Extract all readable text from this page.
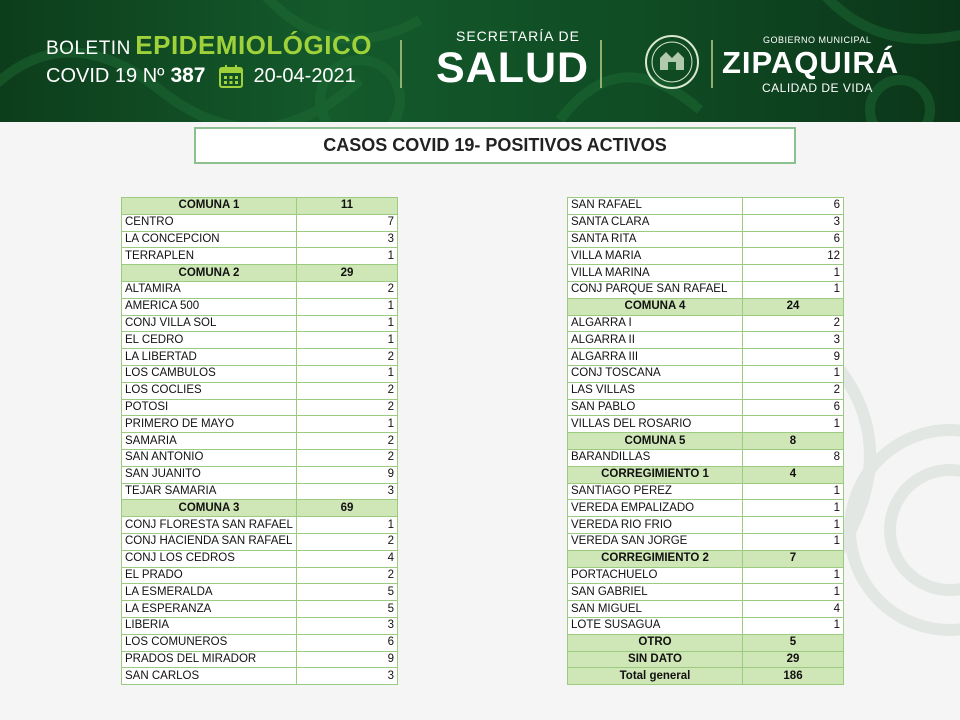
BOLETIN EPIDEMIOLÓGICO
COVID 19 Nº 387 20-04-2021
SECRETARÍA DE
SALUD
GOBIERNO MUNICIPAL
ZIPAQUIRÁ
CALIDAD DE VIDA
CASOS COVID 19- POSITIVOS ACTIVOS
COMUNA 1	11
CENTRO	7
LA CONCEPCION	3
TERRAPLEN	1
COMUNA 2	29
ALTAMIRA	2
AMERICA 500	1
CONJ VILLA SOL	1
EL CEDRO	1
LA LIBERTAD	2
LOS CAMBULOS	1
LOS COCLIES	2
POTOSI	2
PRIMERO DE MAYO	1
SAMARIA	2
SAN ANTONIO	2
SAN JUANITO	9
TEJAR SAMARIA	3
COMUNA 3	69
CONJ FLORESTA SAN RAFAEL	1
CONJ HACIENDA SAN RAFAEL	2
CONJ LOS CEDROS	4
EL PRADO	2
LA ESMERALDA	5
LA ESPERANZA	5
LIBERIA	3
LOS COMUNEROS	6
PRADOS DEL MIRADOR	9
SAN CARLOS	3
SAN RAFAEL	6
SANTA CLARA	3
SANTA RITA	6
VILLA MARIA	12
VILLA MARINA	1
CONJ PARQUE SAN RAFAEL	1
COMUNA 4	24
ALGARRA I	2
ALGARRA II	3
ALGARRA III	9
CONJ TOSCANA	1
LAS VILLAS	2
SAN PABLO	6
VILLAS DEL ROSARIO	1
COMUNA 5	8
BARANDILLAS	8
CORREGIMIENTO 1	4
SANTIAGO PEREZ	1
VEREDA EMPALIZADO	1
VEREDA RIO FRIO	1
VEREDA SAN JORGE	1
CORREGIMIENTO 2	7
PORTACHUELO	1
SAN GABRIEL	1
SAN MIGUEL	4
LOTE SUSAGUA	1
OTRO	5
SIN DATO	29
Total general	186
